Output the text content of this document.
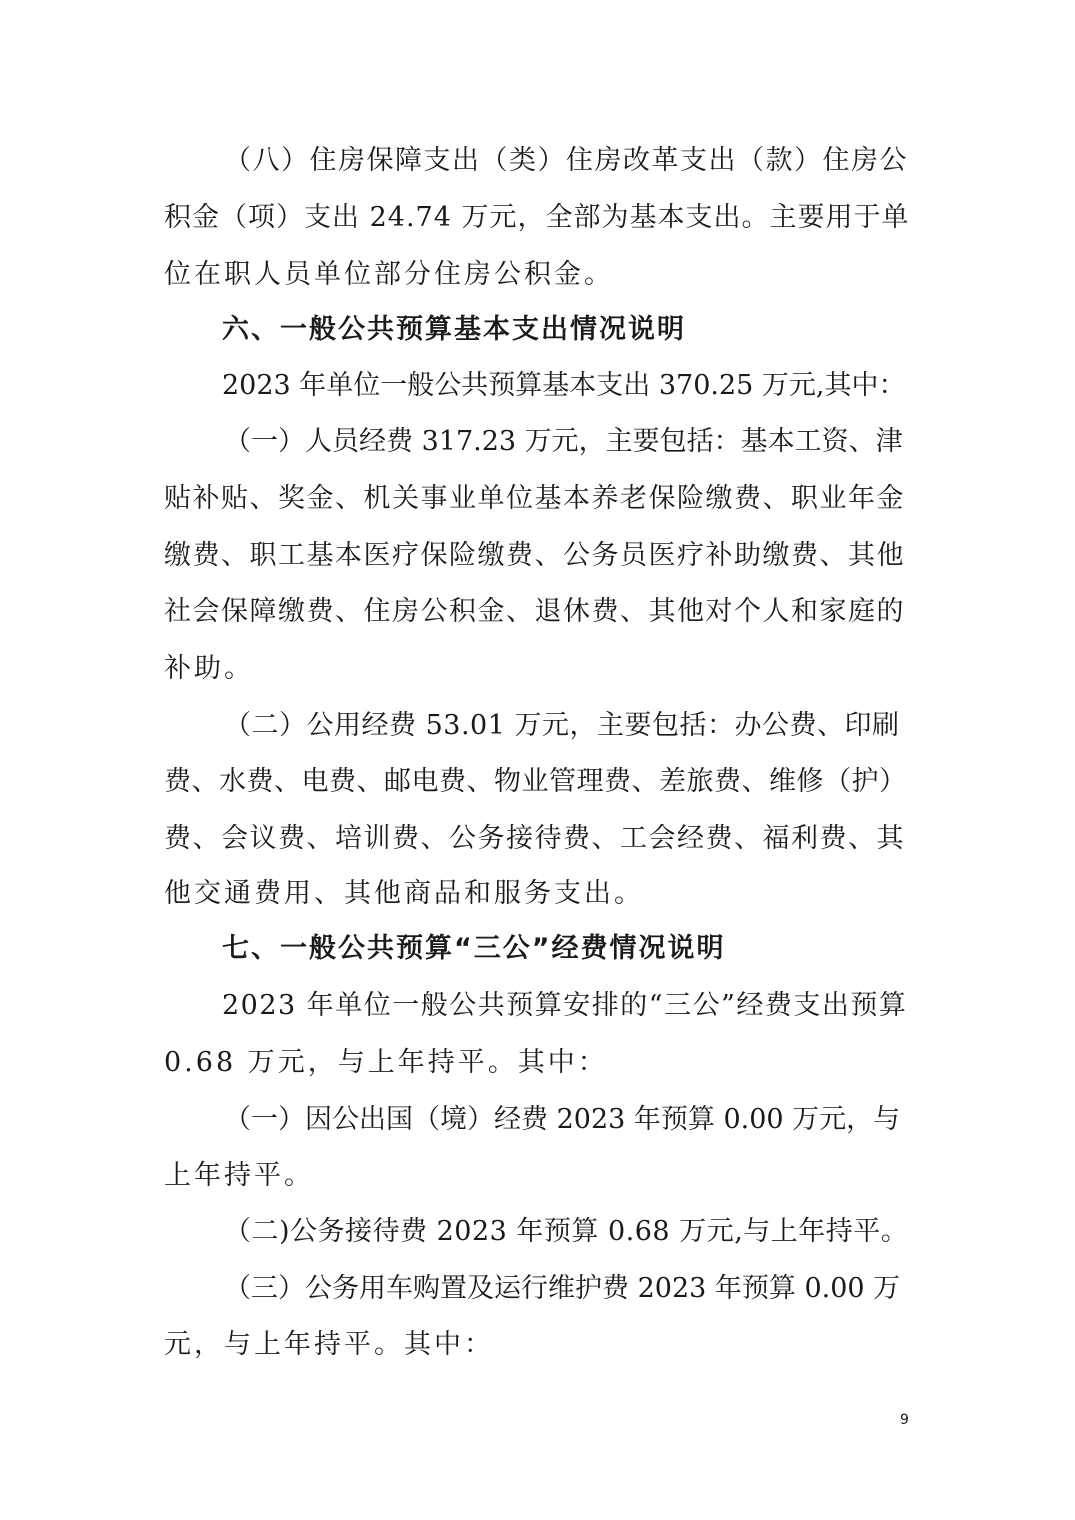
（八）住房保障支出（类）住房改革支出（款）住房公
积金（项）支出 24.74 万元，全部为基本支出。主要用于单
位在职人员单位部分住房公积金。
六、一般公共预算基本支出情况说明
2023 年单位一般公共预算基本支出 370.25 万元,其中：
（一）人员经费 317.23 万元，主要包括：基本工资、津
贴补贴、奖金、机关事业单位基本养老保险缴费、职业年金
缴费、职工基本医疗保险缴费、公务员医疗补助缴费、其他
社会保障缴费、住房公积金、退休费、其他对个人和家庭的
补助。
（二）公用经费 53.01 万元，主要包括：办公费、印刷
费、水费、电费、邮电费、物业管理费、差旅费、维修（护）
费、会议费、培训费、公务接待费、工会经费、福利费、其
他交通费用、其他商品和服务支出。
七、一般公共预算“三公”经费情况说明
2023 年单位一般公共预算安排的“三公”经费支出预算
0.68 万元，与上年持平。其中：
（一）因公出国（境）经费 2023 年预算 0.00 万元，与
上年持平。
（二)公务接待费 2023 年预算 0.68 万元,与上年持平。
（三）公务用车购置及运行维护费 2023 年预算 0.00 万
元，与上年持平。其中：
9
